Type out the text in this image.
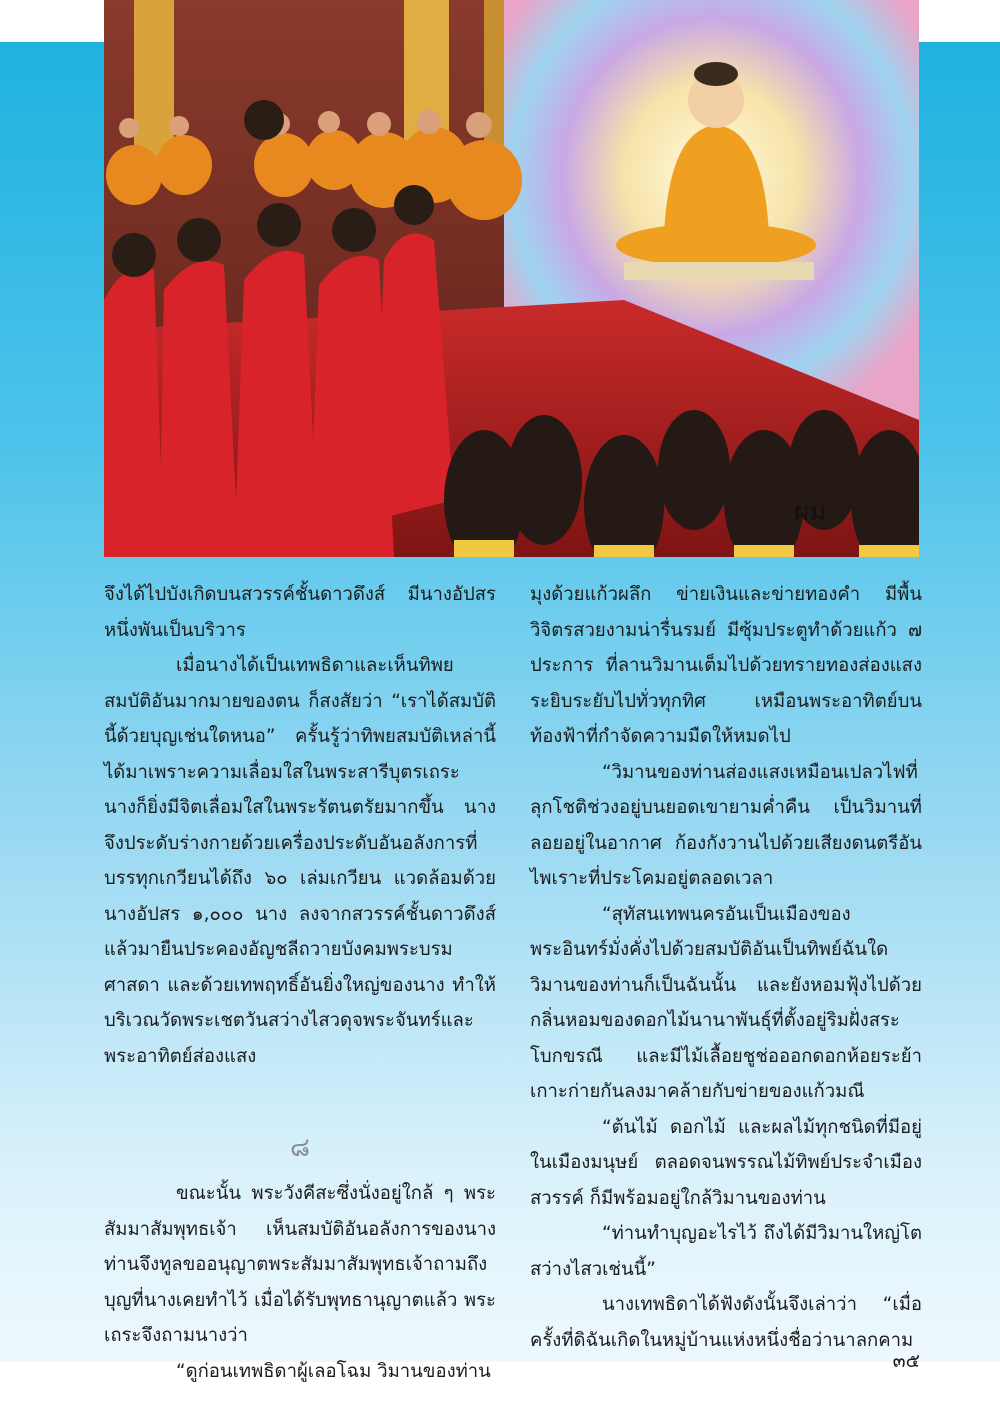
ผม

จึงได้ไปบังเกิดบนสวรรค์ชั้นดาวดึงส์ มีนางอัปสรหนึ่งพันเป็นบริวาร

เมื่อนางได้เป็นเทพธิดาและเห็นทิพยสมบัติอันมากมายของตน ก็สงสัยว่า “เราได้สมบัตินี้ด้วยบุญเช่นใดหนอ” ครั้นรู้ว่าทิพยสมบัติเหล่านี้ได้มาเพราะความเลื่อมใสในพระสารีบุตรเถระ นางก็ยิ่งมีจิตเลื่อมใสในพระรัตนตรัยมากขึ้น นางจึงประดับร่างกายด้วยเครื่องประดับอันอลังการที่บรรทุกเกวียนได้ถึง ๖๐ เล่มเกวียน แวดล้อมด้วยนางอัปสร ๑,๐๐๐ นาง ลงจากสวรรค์ชั้นดาวดึงส์ แล้วมายืนประคองอัญชลีถวายบังคมพระบรมศาสดา และด้วยเทพฤทธิ์อันยิ่งใหญ่ของนาง ทำให้บริเวณวัดพระเชตวันสว่างไสวดุจพระจันทร์และพระอาทิตย์ส่องแสง

๘

ขณะนั้น พระวังคีสะซึ่งนั่งอยู่ใกล้ ๆ พระสัมมาสัมพุทธเจ้า เห็นสมบัติอันอลังการของนาง ท่านจึงทูลขออนุญาตพระสัมมาสัมพุทธเจ้าถามถึงบุญที่นางเคยทำไว้ เมื่อได้รับพุทธานุญาตแล้ว พระเถระจึงถามนางว่า

“ดูก่อนเทพธิดาผู้เลอโฉม วิมานของท่าน

มุงด้วยแก้วผลึก ข่ายเงินและข่ายทองคำ มีพื้นวิจิตรสวยงามน่ารื่นรมย์ มีซุ้มประตูทำด้วยแก้ว ๗ ประการ ที่ลานวิมานเต็มไปด้วยทรายทองส่องแสงระยิบระยับไปทั่วทุกทิศ เหมือนพระอาทิตย์บนท้องฟ้าที่กำจัดความมืดให้หมดไป

“วิมานของท่านส่องแสงเหมือนเปลวไฟที่ลุกโชติช่วงอยู่บนยอดเขายามค่ำคืน เป็นวิมานที่ลอยอยู่ในอากาศ ก้องกังวานไปด้วยเสียงดนตรีอันไพเราะที่ประโคมอยู่ตลอดเวลา

“สุทัสนเทพนครอันเป็นเมืองของพระอินทร์มั่งคั่งไปด้วยสมบัติอันเป็นทิพย์ฉันใด วิมานของท่านก็เป็นฉันนั้น และยังหอมฟุ้งไปด้วยกลิ่นหอมของดอกไม้นานาพันธุ์ที่ตั้งอยู่ริมฝั่งสระโบกขรณี และมีไม้เลื้อยชูช่อออกดอกห้อยระย้าเกาะก่ายกันลงมาคล้ายกับข่ายของแก้วมณี

“ต้นไม้ ดอกไม้ และผลไม้ทุกชนิดที่มีอยู่ในเมืองมนุษย์ ตลอดจนพรรณไม้ทิพย์ประจำเมืองสวรรค์ ก็มีพร้อมอยู่ใกล้วิมานของท่าน

“ท่านทำบุญอะไรไว้ ถึงได้มีวิมานใหญ่โตสว่างไสวเช่นนี้”

นางเทพธิดาได้ฟังดังนั้นจึงเล่าว่า “เมื่อครั้งที่ดิฉันเกิดในหมู่บ้านแห่งหนึ่งชื่อว่านาลกคาม

๓๕
